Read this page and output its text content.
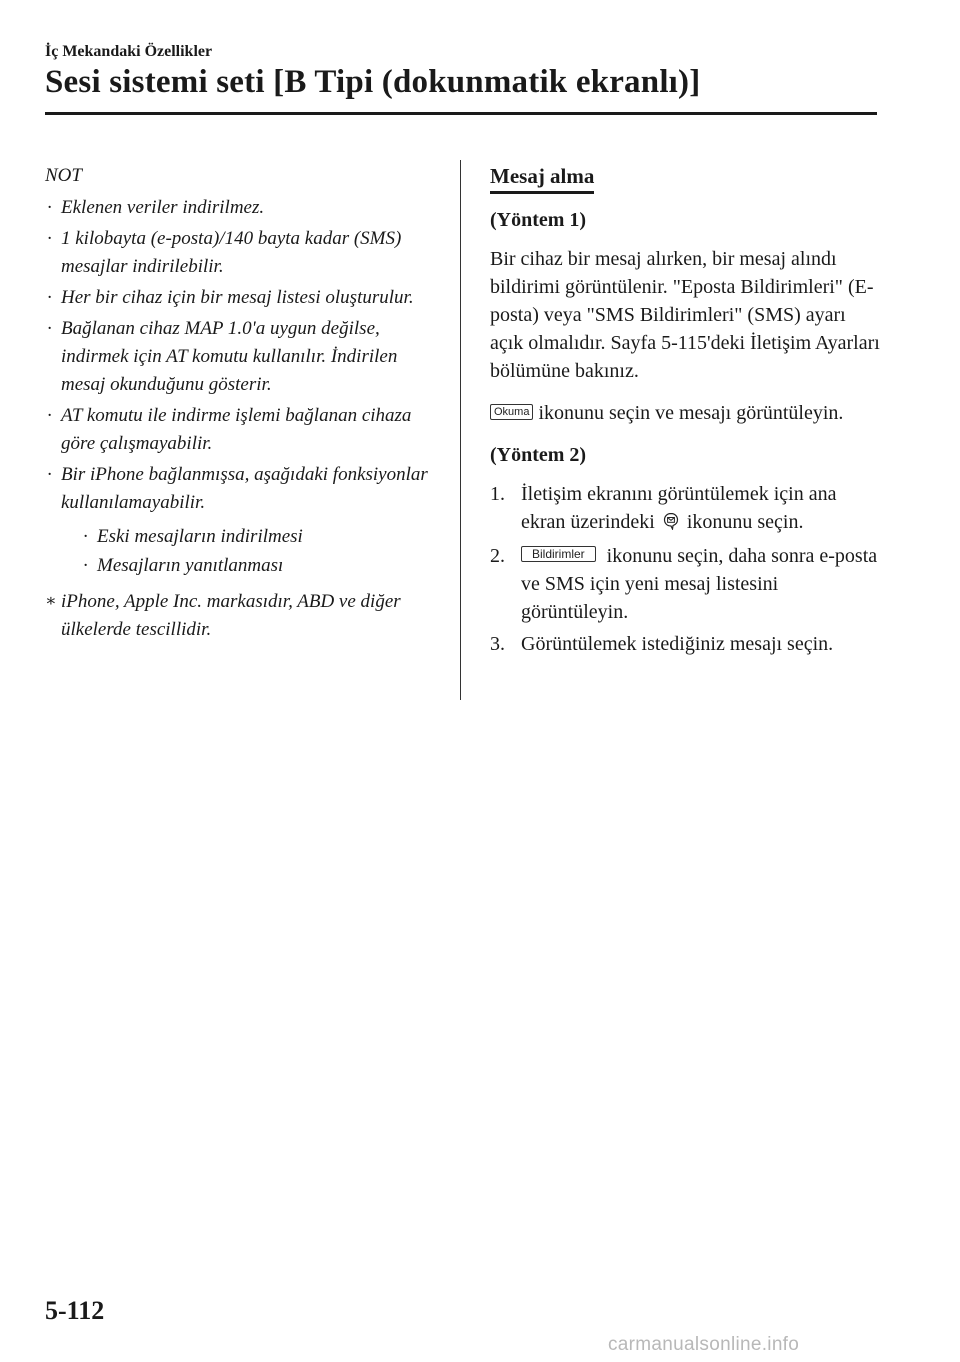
İç Mekandaki Özellikler

Sesi sistemi seti [B Tipi (dokunmatik ekranlı)]

NOT

· Eklenen veriler indirilmez.
· 1 kilobayta (e-posta)/140 bayta kadar (SMS) mesajlar indirilebilir.
· Her bir cihaz için bir mesaj listesi oluşturulur.
· Bağlanan cihaz MAP 1.0'a uygun değilse, indirmek için AT komutu kullanılır. İndirilen mesaj okunduğunu gösterir.
· AT komutu ile indirme işlemi bağlanan cihaza göre çalışmayabilir.
· Bir iPhone bağlanmışsa, aşağıdaki fonksiyonlar kullanılamayabilir.
· Eski mesajların indirilmesi
· Mesajların yanıtlanması
∗ iPhone, Apple Inc. markasıdır, ABD ve diğer ülkelerde tescillidir.
Mesaj alma

(Yöntem 1)

Bir cihaz bir mesaj alırken, bir mesaj alındı bildirimi görüntülenir. "Eposta Bildirimleri" (E-posta) veya "SMS Bildirimleri" (SMS) ayarı açık olmalıdır. Sayfa 5-115'deki İletişim Ayarları bölümüne bakınız.

Okuma ikonunu seçin ve mesajı görüntüleyin.

(Yöntem 2)

1. İletişim ekranını görüntülemek için ana ekran üzerindeki ikonunu seçin.
2. Bildirimler ikonunu seçin, daha sonra e-posta ve SMS için yeni mesaj listesini görüntüleyin.
3. Görüntülemek istediğiniz mesajı seçin.

5-112

carmanualsonline.info
